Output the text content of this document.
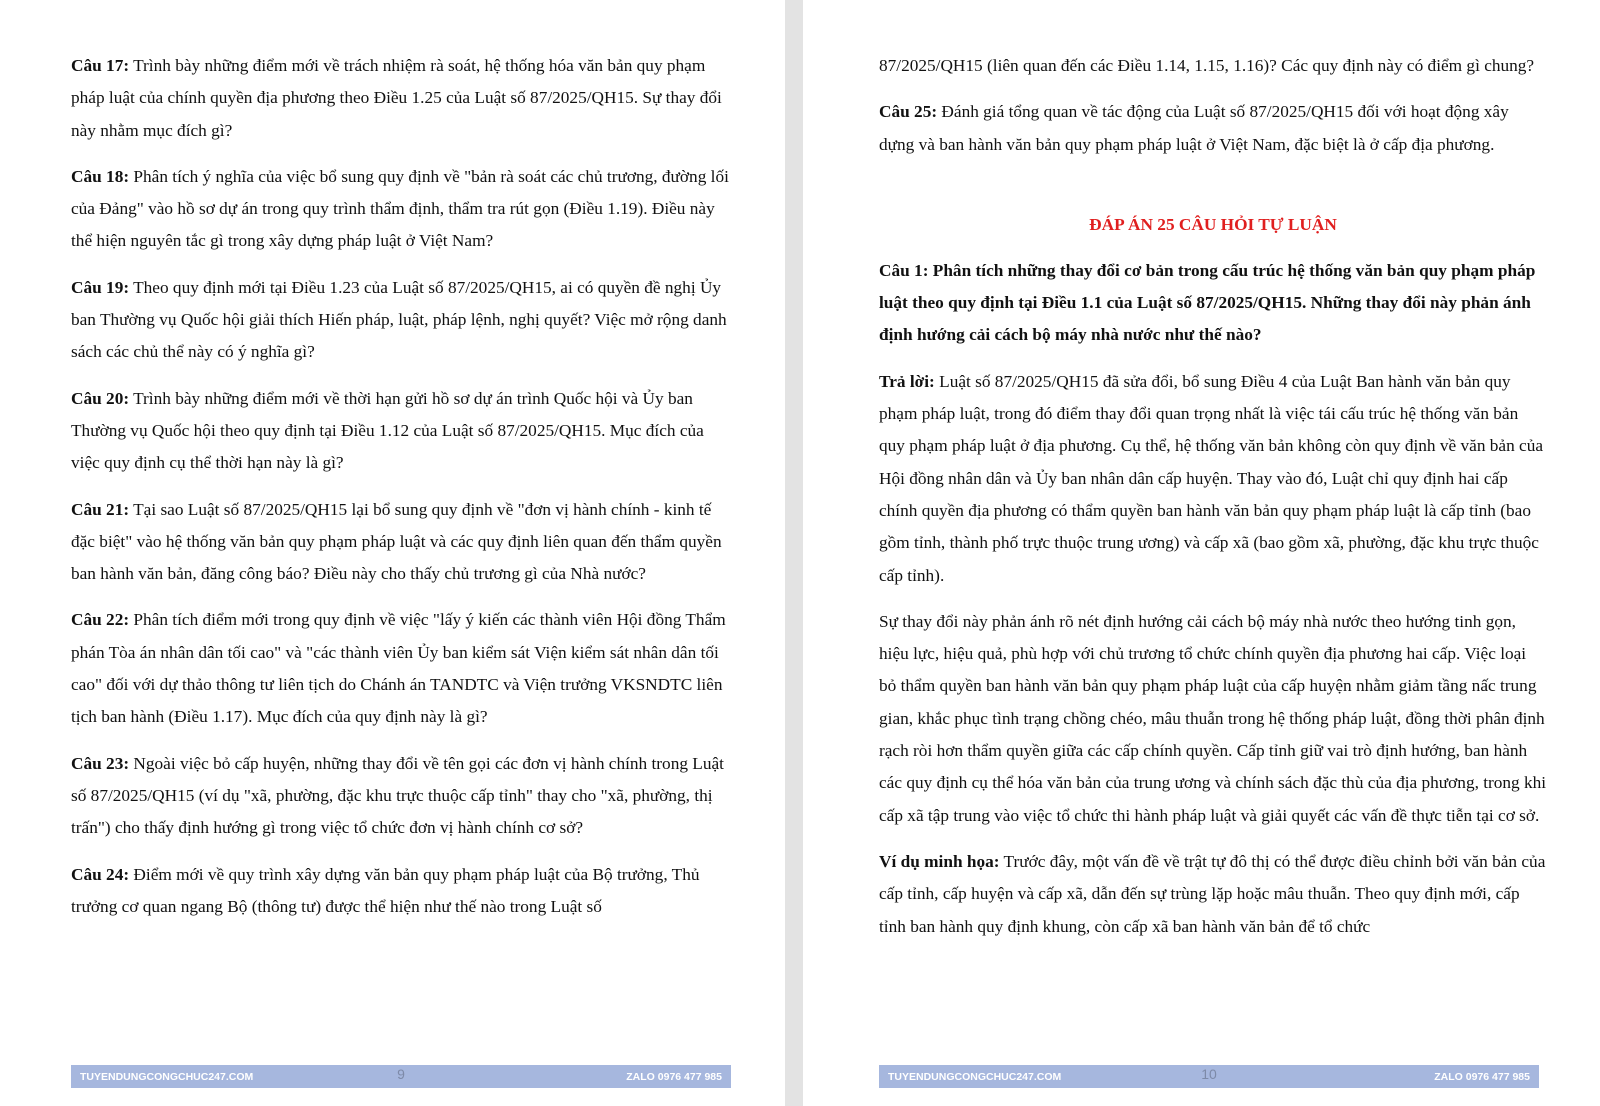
Câu 17: Trình bày những điểm mới về trách nhiệm rà soát, hệ thống hóa văn bản quy phạm pháp luật của chính quyền địa phương theo Điều 1.25 của Luật số 87/2025/QH15. Sự thay đổi này nhằm mục đích gì?

Câu 18: Phân tích ý nghĩa của việc bổ sung quy định về "bản rà soát các chủ trương, đường lối của Đảng" vào hồ sơ dự án trong quy trình thẩm định, thẩm tra rút gọn (Điều 1.19). Điều này thể hiện nguyên tắc gì trong xây dựng pháp luật ở Việt Nam?

Câu 19: Theo quy định mới tại Điều 1.23 của Luật số 87/2025/QH15, ai có quyền đề nghị Ủy ban Thường vụ Quốc hội giải thích Hiến pháp, luật, pháp lệnh, nghị quyết? Việc mở rộng danh sách các chủ thể này có ý nghĩa gì?

Câu 20: Trình bày những điểm mới về thời hạn gửi hồ sơ dự án trình Quốc hội và Ủy ban Thường vụ Quốc hội theo quy định tại Điều 1.12 của Luật số 87/2025/QH15. Mục đích của việc quy định cụ thể thời hạn này là gì?

Câu 21: Tại sao Luật số 87/2025/QH15 lại bổ sung quy định về "đơn vị hành chính - kinh tế đặc biệt" vào hệ thống văn bản quy phạm pháp luật và các quy định liên quan đến thẩm quyền ban hành văn bản, đăng công báo? Điều này cho thấy chủ trương gì của Nhà nước?

Câu 22: Phân tích điểm mới trong quy định về việc "lấy ý kiến các thành viên Hội đồng Thẩm phán Tòa án nhân dân tối cao" và "các thành viên Ủy ban kiểm sát Viện kiểm sát nhân dân tối cao" đối với dự thảo thông tư liên tịch do Chánh án TANDTC và Viện trưởng VKSNDTC liên tịch ban hành (Điều 1.17). Mục đích của quy định này là gì?

Câu 23: Ngoài việc bỏ cấp huyện, những thay đổi về tên gọi các đơn vị hành chính trong Luật số 87/2025/QH15 (ví dụ "xã, phường, đặc khu trực thuộc cấp tỉnh" thay cho "xã, phường, thị trấn") cho thấy định hướng gì trong việc tổ chức đơn vị hành chính cơ sở?

Câu 24: Điểm mới về quy trình xây dựng văn bản quy phạm pháp luật của Bộ trưởng, Thủ trưởng cơ quan ngang Bộ (thông tư) được thể hiện như thế nào trong Luật số

TUYENDUNGCONGCHUC247.COM	9	ZALO 0976 477 985

87/2025/QH15 (liên quan đến các Điều 1.14, 1.15, 1.16)? Các quy định này có điểm gì chung?

Câu 25: Đánh giá tổng quan về tác động của Luật số 87/2025/QH15 đối với hoạt động xây dựng và ban hành văn bản quy phạm pháp luật ở Việt Nam, đặc biệt là ở cấp địa phương.

ĐÁP ÁN 25 CÂU HỎI TỰ LUẬN

Câu 1: Phân tích những thay đổi cơ bản trong cấu trúc hệ thống văn bản quy phạm pháp luật theo quy định tại Điều 1.1 của Luật số 87/2025/QH15. Những thay đổi này phản ánh định hướng cải cách bộ máy nhà nước như thế nào?

Trả lời: Luật số 87/2025/QH15 đã sửa đổi, bổ sung Điều 4 của Luật Ban hành văn bản quy phạm pháp luật, trong đó điểm thay đổi quan trọng nhất là việc tái cấu trúc hệ thống văn bản quy phạm pháp luật ở địa phương. Cụ thể, hệ thống văn bản không còn quy định về văn bản của Hội đồng nhân dân và Ủy ban nhân dân cấp huyện. Thay vào đó, Luật chỉ quy định hai cấp chính quyền địa phương có thẩm quyền ban hành văn bản quy phạm pháp luật là cấp tỉnh (bao gồm tỉnh, thành phố trực thuộc trung ương) và cấp xã (bao gồm xã, phường, đặc khu trực thuộc cấp tỉnh).

Sự thay đổi này phản ánh rõ nét định hướng cải cách bộ máy nhà nước theo hướng tinh gọn, hiệu lực, hiệu quả, phù hợp với chủ trương tổ chức chính quyền địa phương hai cấp. Việc loại bỏ thẩm quyền ban hành văn bản quy phạm pháp luật của cấp huyện nhằm giảm tầng nấc trung gian, khắc phục tình trạng chồng chéo, mâu thuẫn trong hệ thống pháp luật, đồng thời phân định rạch ròi hơn thẩm quyền giữa các cấp chính quyền. Cấp tỉnh giữ vai trò định hướng, ban hành các quy định cụ thể hóa văn bản của trung ương và chính sách đặc thù của địa phương, trong khi cấp xã tập trung vào việc tổ chức thi hành pháp luật và giải quyết các vấn đề thực tiễn tại cơ sở.

Ví dụ minh họa: Trước đây, một vấn đề về trật tự đô thị có thể được điều chỉnh bởi văn bản của cấp tỉnh, cấp huyện và cấp xã, dẫn đến sự trùng lặp hoặc mâu thuẫn. Theo quy định mới, cấp tỉnh ban hành quy định khung, còn cấp xã ban hành văn bản để tổ chức

TUYENDUNGCONGCHUC247.COM	10	ZALO 0976 477 985
